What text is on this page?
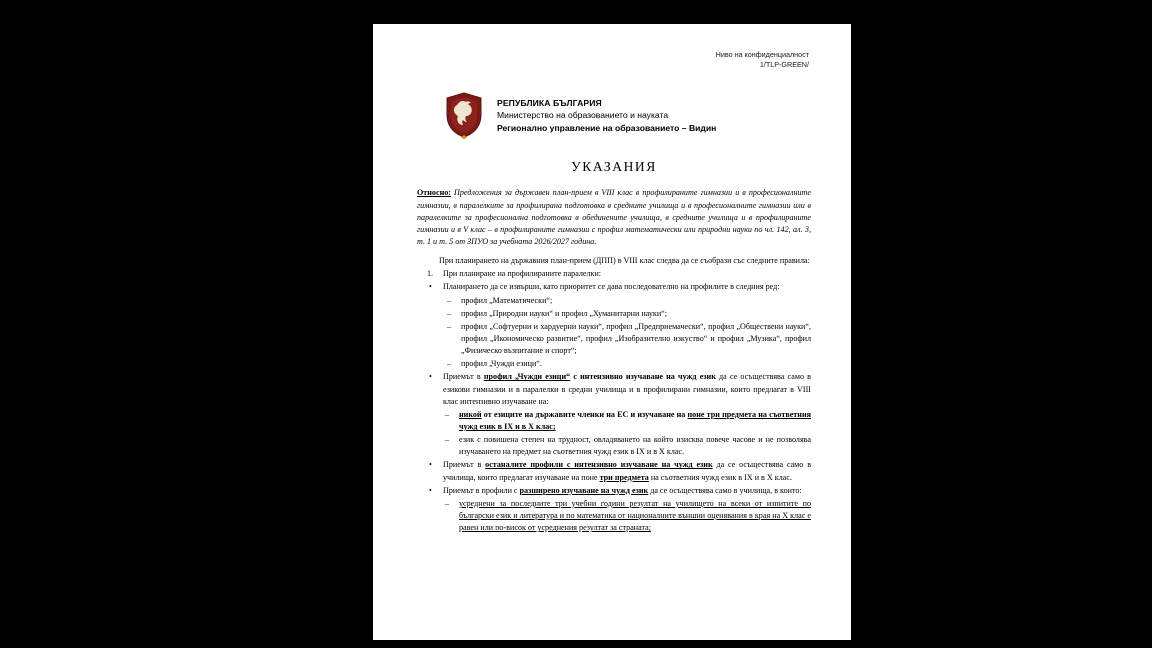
Ниво на конфиденциалност
1/TLP-GREEN/
РЕПУБЛИКА БЪЛГАРИЯ
Министерство на образованието и науката
Регионално управление на образованието – Видин
УКАЗАНИЯ

Относно: Предложения за държавен план-прием в VIII клас в профилираните гимназии и в професионалните гимназии, в паралелките за профилирана подготовка в средните училища и в професионалните гимназии или в паралелките за професионална подготовка в обединените училища, в средните училища и в профилираните гимназии и в V клас – в профилираните гимназии с профил математически или природни науки по чл. 142, ал. 3, т. 1 и т. 5 от ЗПУО за учебната 2026/2027 година.

При планирането на държавния план-прием (ДПП) в VIII клас следва да се съобрази със следните правила:

1. При планиране на профилираните паралелки:
• Планирането да се извърши, като приоритет се дава последователно на профилите в следния ред:
– профил „Математически“;
– профил „Природни науки“ и профил „Хуманитарни науки“;
– профил „Софтуерни и хардуерни науки“, профил „Предприемачески“, профил „Обществени науки“, профил „Икономическо развитие“, профил „Изобразително изкуство“ и профил „Музика“, профил „Физическо възпитание и спорт“;
– профил „Чужди езици“.
• Приемът в профил „Чужди езици“ с интензивно изучаване на чужд език да се осъществява само в езикови гимназии и в паралелки в средни училища и в профилирани гимназии, които предлагат в VIII клас интензивно изучаване на:
– никой от езиците на държавите членки на ЕС и изучаване на поне три предмета на съответния чужд език в IX и в X клас;
– език с повишена степен на трудност, овладяването на който изисква повече часове и не позволява изучаването на предмет на съответния чужд език в IX и в X клас.
• Приемът в останалите профили с интензивно изучаване на чужд език да се осъществява само в училища, които предлагат изучаване на поне три предмета на съответния чужд език в IX и в X клас.
• Приемът в профили с разширено изучаване на чужд език да се осъществява само в училища, в които:
– усреднени за последните три учебни години резултат на училището на всеки от изпитите по български език и литература и по математика от националните външни оценявания в края на X клас е равен или по-висок от усреднения резултат за страната;
